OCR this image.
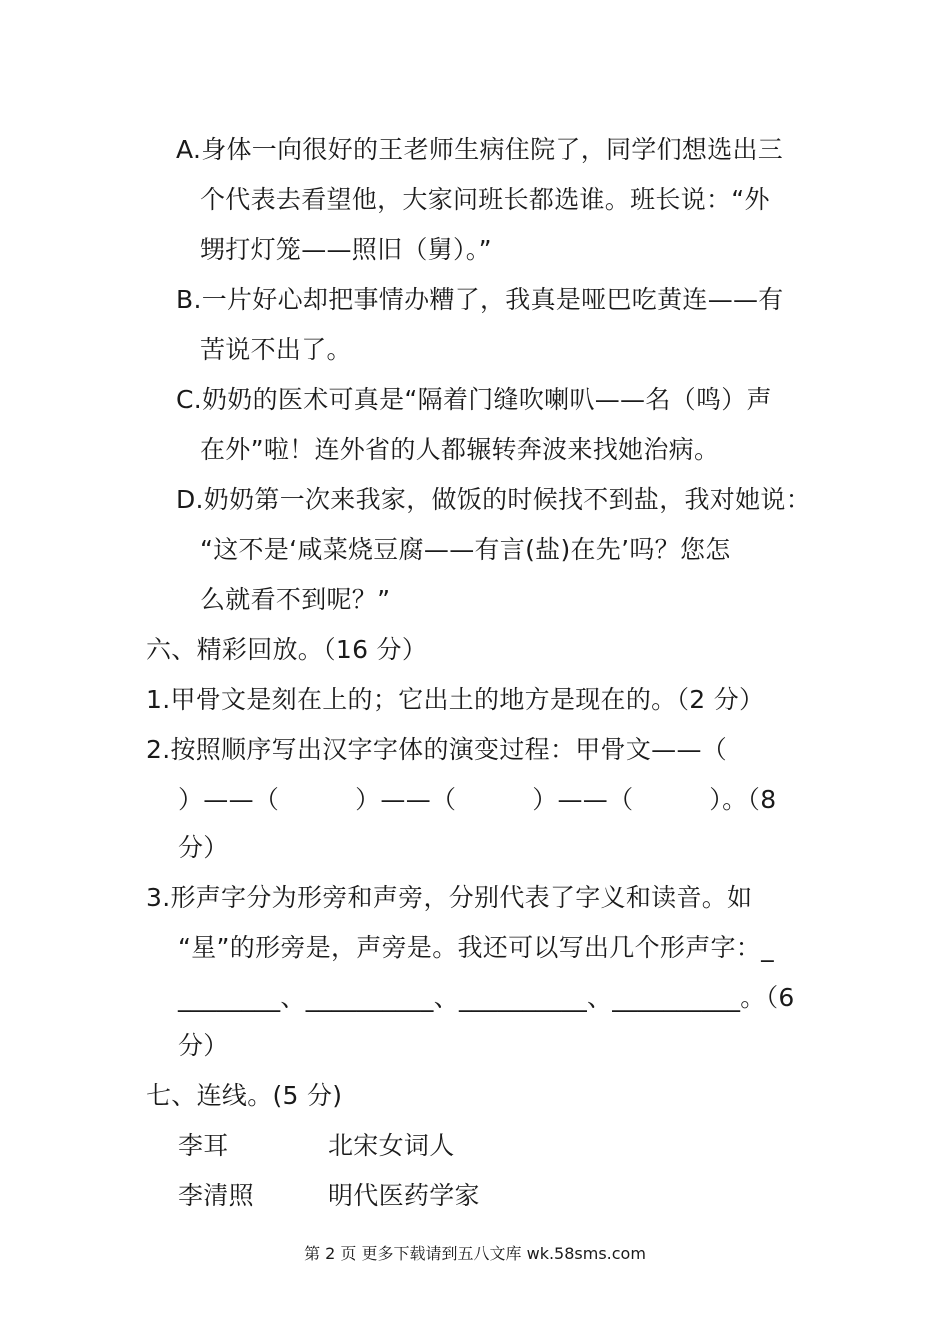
A.身体一向很好的王老师生病住院了，同学们想选出三
个代表去看望他，大家问班长都选谁。班长说：“外
甥打灯笼——照旧（舅）。”
B.一片好心却把事情办糟了，我真是哑巴吃黄连——有
苦说不出了。
C.奶奶的医术可真是“隔着门缝吹喇叭——名（鸣）声
在外”啦！连外省的人都辗转奔波来找她治病。
D.奶奶第一次来我家，做饭的时候找不到盐，我对她说：
“这不是‘咸菜烧豆腐——有言(盐)在先’吗？您怎
么就看不到呢？”
六、精彩回放。（16 分）
1.甲骨文是刻在上的；它出土的地方是现在的。（2 分）
2.按照顺序写出汉字字体的演变过程：甲骨文——（
）——（　　　）——（　　　）——（　　　）。（8
分）
3.形声字分为形旁和声旁，分别代表了字义和读音。如
“星”的形旁是，声旁是。我还可以写出几个形声字：_
________、__________、__________、__________。（6
分）
七、连线。(5 分)
李耳	北宋女词人
李清照	明代医药学家
第 2 页 更多下载请到五八文库 wk.58sms.com
